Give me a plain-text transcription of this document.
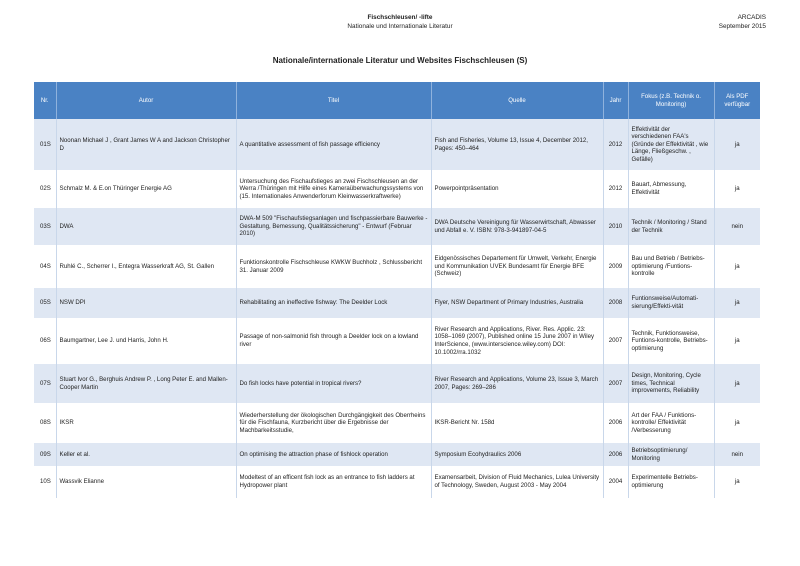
Fischschleusen/ -lifte
Nationale und Internationale Literatur
ARCADIS
September 2015
Nationale/internationale Literatur und Websites Fischschleusen (S)
Nr.	Autor	Titel	Quelle	Jahr	Fokus (z.B. Technik o. Monitoring)	Als PDF verfügbar
01S	Noonan Michael J , Grant James W A and Jackson Christopher D	A quantitative assessment of fish passage efficiency	Fish and Fisheries, Volume 13, Issue 4, December 2012, Pages: 450–464	2012	Effektivität der verschiedenen FAA's (Gründe der Effektivität , wie Länge, Fließgeschw. , Gefälle)	ja
02S	Schmalz M. & E.on Thüringer Energie AG	Untersuchung des Fischaufstieges an zwei Fischschleusen an der Werra /Thüringen mit Hilfe eines Kameraüberwachungssystems von (15. Internationales Anwenderforum Kleinwasserkraftwerke)	Powerpointpräsentation	2012	Bauart, Abmessung, Effektivität	ja
03S	DWA	DWA-M 509 "Fischaufstiegsanlagen und fischpassierbare Bauwerke - Gestaltung, Bemessung, Qualitätssicherung" - Entwurf (Februar 2010)	DWA Deutsche Vereinigung für Wasserwirtschaft, Abwasser und Abfall e. V. ISBN: 978-3-941897-04-5	2010	Technik / Monitoring / Stand der Technik	nein
04S	Ruhlé C., Scherrer I., Entegra Wasserkraft AG, St. Gallen	Funktionskontrolle Fischschleuse KWKW Buchholz , Schlussbericht 31. Januar 2009	Eidgenössisches Departement für Umwelt, Verkehr, Energie und Kommunikation UVEK Bundesamt für Energie BFE (Schweiz)	2009	Bau und Betrieb / Betriebs-optimierung /Funtions-kontrolle	ja
05S	NSW DPI	Rehabilitating an ineffective fishway: The Deelder Lock	Flyer, NSW Department of Primary Industries, Australia	2008	Funtionsweise/Automati-sierung/Effekti-vität	ja
06S	Baumgartner, Lee J. und Harris, John H.	Passage of non-salmonid fish through a Deelder lock on a lowland river	River Research and Applications, River. Res. Applic. 23: 1058–1069 (2007), Published online 15 June 2007 in Wiley InterScience, (www.interscience.wiley.com) DOI: 10.1002/rra.1032	2007	Technik, Funktionsweise, Funtions-kontrolle, Betriebs-optimierung	ja
07S	Stuart Ivor G., Berghuis Andrew P. , Long Peter E. and Mallen-Cooper Martin	Do fish locks have potential in tropical rivers?	River Research and Applications, Volume 23, Issue 3, March 2007, Pages: 269–286	2007	Design, Monitoring, Cycle times, Technical improvements, Reliability	ja
08S	IKSR	Wiederherstellung der ökologischen Durchgängigkeit des Oberrheins für die Fischfauna, Kurzbericht über die Ergebnisse der Machbarkeitsstudie,	IKSR-Bericht Nr. 158d	2006	Art der FAA / Funktions-kontrolle/ Effektivität /Verbesserung	ja
09S	Keller et al.	On optimising the attraction phase of fishlock operation	Symposium Ecohydraulics 2006	2006	Betriebsoptimierung/ Monitoring	nein
10S	Wassvik Elianne	Modeltest of an efficent fish lock as an entrance to fish ladders at Hydropower plant	Examensarbeit, Division of Fluid Mechanics, Lulea University of Technology, Sweden, August 2003 - May 2004	2004	Experimentelle Betriebs-optimierung	ja
